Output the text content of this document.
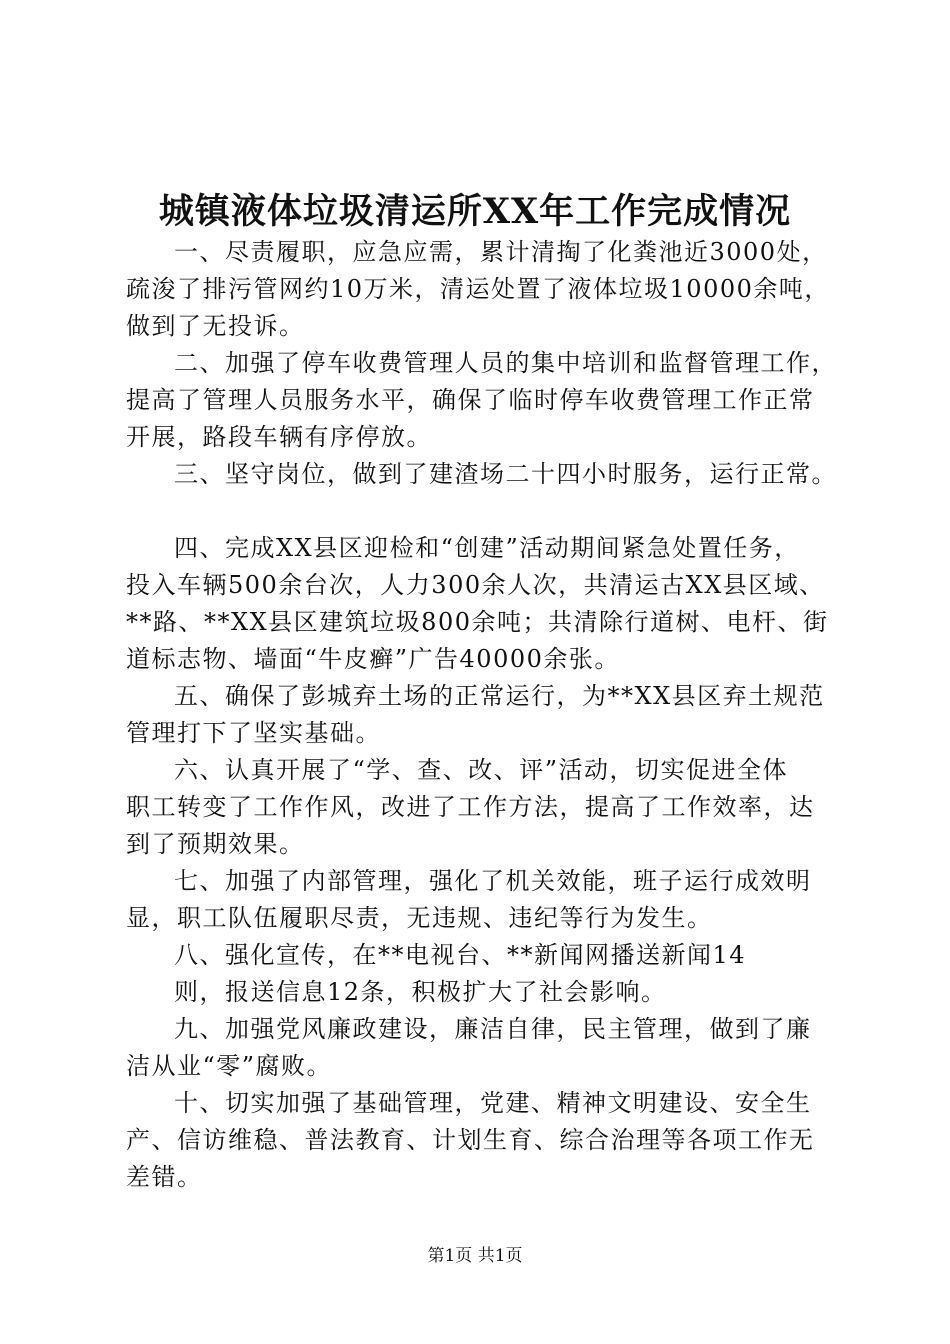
城镇液体垃圾清运所XX年工作完成情况
一、尽责履职，应急应需，累计清掏了化粪池近3000处，
疏浚了排污管网约10万米，清运处置了液体垃圾10000余吨，
做到了无投诉。
二、加强了停车收费管理人员的集中培训和监督管理工作，
提高了管理人员服务水平，确保了临时停车收费管理工作正常
开展，路段车辆有序停放。
三、坚守岗位，做到了建渣场二十四小时服务，运行正常。
四、完成XX县区迎检和“创建”活动期间紧急处置任务，
投入车辆500余台次，人力300余人次，共清运古XX县区域、
**路、**XX县区建筑垃圾800余吨；共清除行道树、电杆、街
道标志物、墙面“牛皮癣”广告40000余张。
五、确保了彭城弃土场的正常运行，为**XX县区弃土规范
管理打下了坚实基础。
六、认真开展了“学、查、改、评”活动，切实促进全体
职工转变了工作作风，改进了工作方法，提高了工作效率，达
到了预期效果。
七、加强了内部管理，强化了机关效能，班子运行成效明
显，职工队伍履职尽责，无违规、违纪等行为发生。
八、强化宣传，在**电视台、**新闻网播送新闻14
则，报送信息12条，积极扩大了社会影响。
九、加强党风廉政建设，廉洁自律，民主管理，做到了廉
洁从业“零”腐败。
十、切实加强了基础管理，党建、精神文明建设、安全生
产、信访维稳、普法教育、计划生育、综合治理等各项工作无
差错。
第1页 共1页
